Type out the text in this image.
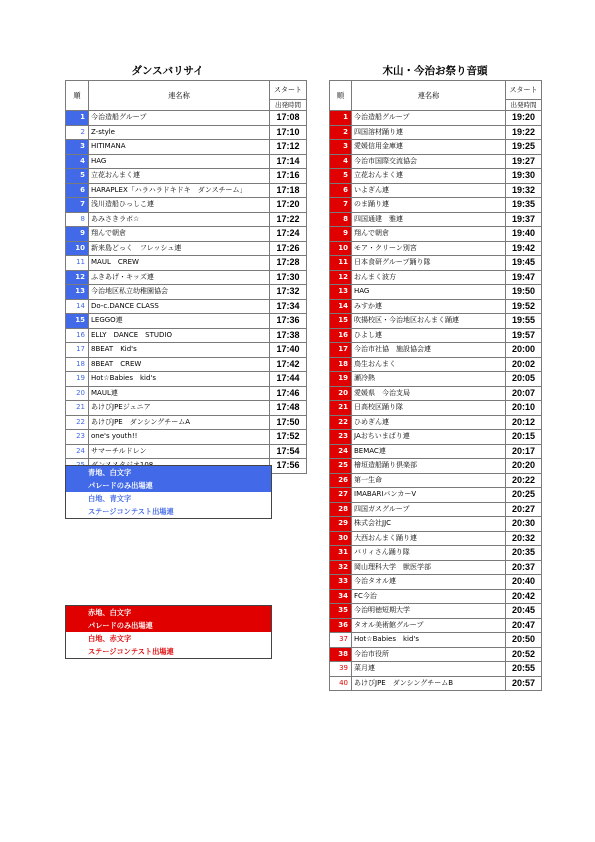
ダンスバリサイ	木山・今治お祭り音頭
順	連名称	スタート
		出発時間
1	今治造船グループ	17:08
2	Z-style	17:10
3	HITIMANA	17:12
4	HAG	17:14
5	立花おんまく連	17:16
6	HARAPLEX「ハラハラドキドキ　ダンスチーム」	17:18
7	浅川造船ひっしこ連	17:20
8	あみさきラボ☆	17:22
9	翔んで朝倉	17:24
10	新来島どっく　フレッシュ連	17:26
11	MAUL　CREW	17:28
12	ふきあげ・キッズ連	17:30
13	今治地区私立幼稚園協会	17:32
14	Do-c.DANCE CLASS	17:34
15	LEGGO連	17:36
16	ELLY　DANCE　STUDIO	17:38
17	8BEAT　Kid's	17:40
18	8BEAT　CREW	17:42
19	Hot☆Babies　kid's	17:44
20	MAUL連	17:46
21	あけびJPEジュニア	17:48
22	あけびJPE　ダンシングチームA	17:50
23	one's youth!!	17:52
24	サマーチルドレン	17:54
		17:56
順	連名称	スタート
		出発時間
1	今治造船グループ	19:20
2	四国溶材踊り連	19:22
3	愛媛信用金庫連	19:25
4	今治市国際交流協会	19:27
5	立花おんまく連	19:30
6	いよぎん連	19:32
7	のま踊り連	19:35
8	四国通建　雅連	19:37
9	翔んで朝倉	19:40
10	モア・クリーン別宮	19:42
11	日本食研グループ踊り隊	19:45
12	おんまく波方	19:47
13	HAG	19:50
14	みすか連	19:52
15	吹揚校区・今治地区おんまく踊連	19:55
16	ひよし連	19:57
17	今治市社協　施設協会連	20:00
18	鳥生おんまく	20:02
19	瀬冷熱	20:05
20	愛媛県　今治支局	20:07
21	日高校区踊り隊	20:10
22	ひめぎん連	20:12
23	JAおちいまばり連	20:15
24	BEMAC連	20:17
25	檜垣造船踊り倶楽部	20:20
26	第一生命	20:22
27	IMABARIバンカーⅤ	20:25
28	四国ガスグループ	20:27
29	株式会社JJC	20:30
30	大西おんまく踊り連	20:32
31	バリィさん踊り隊	20:35
32	岡山理科大学　獣医学部	20:37
33	今治タオル連	20:40
34	FC今治	20:42
35	今治明徳短期大学	20:45
36	タオル美術館グループ	20:47
37	Hot☆Babies　kid's	20:50
38	今治市役所	20:52
39	菜月連	20:55
40	あけびJPE　ダンシングチームB	20:57
青地、白文字
パレードのみ出場連
白地、青文字
ステージコンテスト出場連
赤地、白文字
パレードのみ出場連
白地、赤文字
ステージコンテスト出場連
